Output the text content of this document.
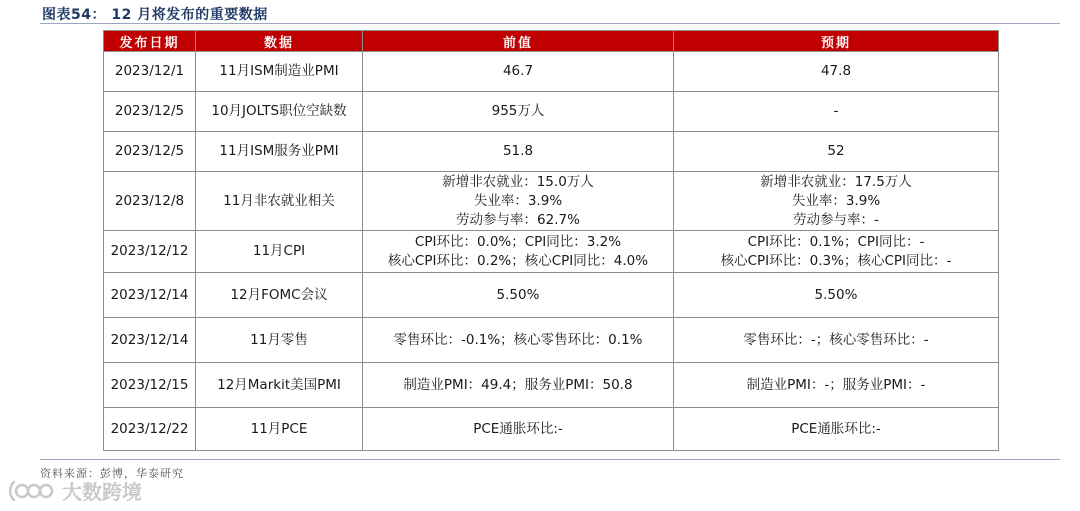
图表54： 12 月将发布的重要数据
发布日期	数据	前值	预期
2023/12/1	11月ISM制造业PMI	46.7	47.8

2023/12/5	10月JOLTS职位空缺数	955万人	-

2023/12/5	11月ISM服务业PMI	51.8	52

2023/12/8	11月非农就业相关	新增非农就业：15.0万人
失业率：3.9%
劳动参与率：62.7%	新增非农就业：17.5万人
失业率：3.9%
劳动参与率：-

2023/12/12	11月CPI	CPI环比：0.0%；CPI同比：3.2%
核心CPI环比：0.2%；核心CPI同比：4.0%	CPI环比：0.1%；CPI同比：-
核心CPI环比：0.3%；核心CPI同比：-

2023/12/14	12月FOMC会议	5.50%	5.50%

2023/12/14	11月零售	零售环比：-0.1%；核心零售环比：0.1%	零售环比：-；核心零售环比：-

2023/12/15	12月Markit美国PMI	制造业PMI：49.4；服务业PMI：50.8	制造业PMI：-；服务业PMI：-

2023/12/22	11月PCE	PCE通胀环比:-	PCE通胀环比:-
资料来源：彭博，华泰研究
大数跨境
